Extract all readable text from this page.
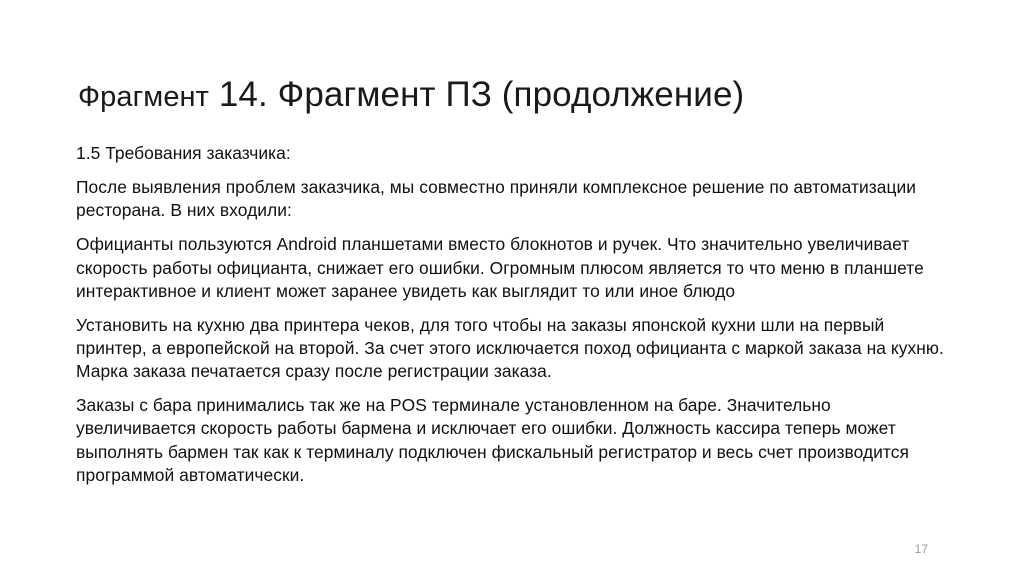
Фрагмент 14. Фрагмент ПЗ (продолжение)

1.5 Требования заказчика:

После выявления проблем заказчика, мы совместно приняли комплексное решение по автоматизации ресторана. В них входили:

Официанты пользуются Android планшетами вместо блокнотов и ручек. Что значительно увеличивает скорость работы официанта, снижает его ошибки. Огромным плюсом является то что меню в планшете интерактивное и клиент может заранее увидеть как выглядит то или иное блюдо

Установить на кухню два принтера чеков, для того чтобы на заказы японской кухни шли на первый принтер, а европейской на второй. За счет этого исключается поход официанта с маркой заказа на кухню. Марка заказа печатается сразу после регистрации заказа.

Заказы с бара принимались так же на POS терминале установленном на баре. Значительно увеличивается скорость работы бармена и исключает его ошибки. Должность кассира теперь может выполнять бармен так как к терминалу подключен фискальный регистратор и весь счет производится программой автоматически.

17
